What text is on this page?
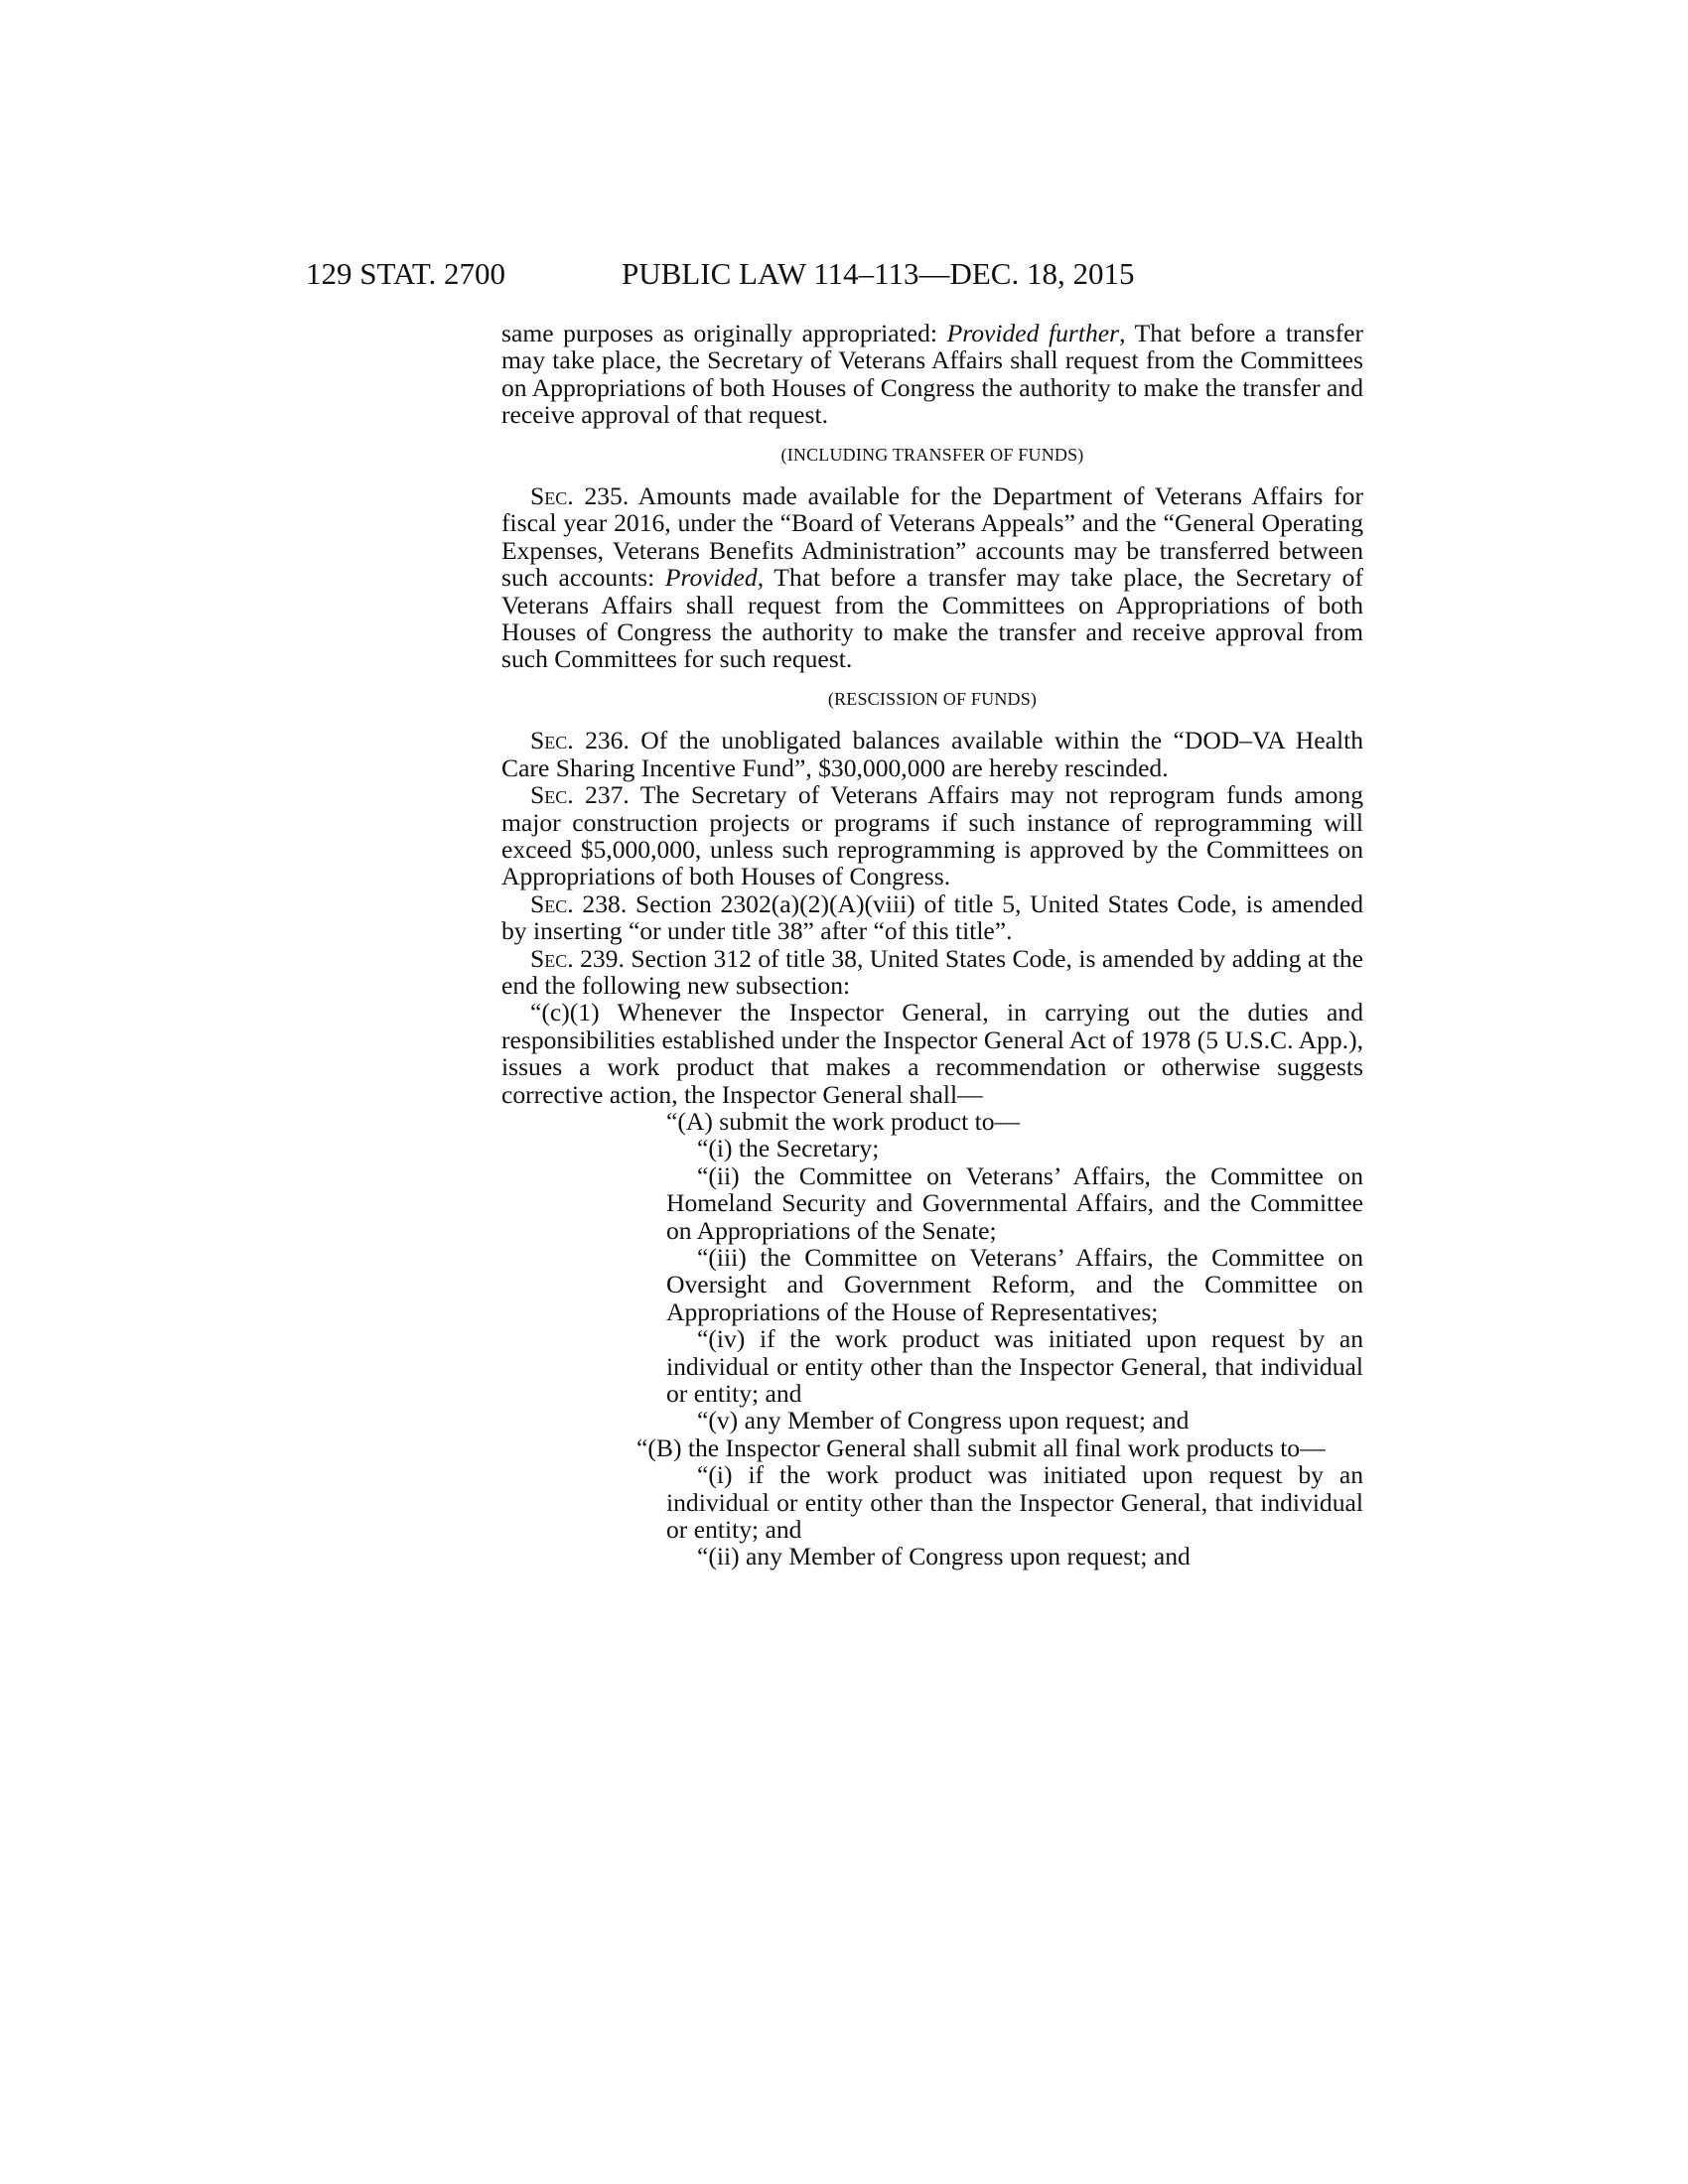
129 STAT. 2700	PUBLIC LAW 114–113—DEC. 18, 2015

same purposes as originally appropriated: Provided further, That before a transfer may take place, the Secretary of Veterans Affairs shall request from the Committees on Appropriations of both Houses of Congress the authority to make the transfer and receive approval of that request.

(INCLUDING TRANSFER OF FUNDS)

Sec. 235. Amounts made available for the Department of Veterans Affairs for fiscal year 2016, under the “Board of Veterans Appeals” and the “General Operating Expenses, Veterans Benefits Administration” accounts may be transferred between such accounts: Provided, That before a transfer may take place, the Secretary of Veterans Affairs shall request from the Committees on Appropriations of both Houses of Congress the authority to make the transfer and receive approval from such Committees for such request.

(RESCISSION OF FUNDS)

Sec. 236. Of the unobligated balances available within the “DOD–VA Health Care Sharing Incentive Fund”, $30,000,000 are hereby rescinded.

Sec. 237. The Secretary of Veterans Affairs may not reprogram funds among major construction projects or programs if such instance of reprogramming will exceed $5,000,000, unless such reprogramming is approved by the Committees on Appropriations of both Houses of Congress.

Sec. 238. Section 2302(a)(2)(A)(viii) of title 5, United States Code, is amended by inserting “or under title 38” after “of this title”.

Sec. 239. Section 312 of title 38, United States Code, is amended by adding at the end the following new subsection:

“(c)(1) Whenever the Inspector General, in carrying out the duties and responsibilities established under the Inspector General Act of 1978 (5 U.S.C. App.), issues a work product that makes a recommendation or otherwise suggests corrective action, the Inspector General shall—

“(A) submit the work product to—

“(i) the Secretary;

“(ii) the Committee on Veterans’ Affairs, the Committee on Homeland Security and Governmental Affairs, and the Committee on Appropriations of the Senate;

“(iii) the Committee on Veterans’ Affairs, the Committee on Oversight and Government Reform, and the Committee on Appropriations of the House of Representatives;

“(iv) if the work product was initiated upon request by an individual or entity other than the Inspector General, that individual or entity; and

“(v) any Member of Congress upon request; and

“(B) the Inspector General shall submit all final work products to—

“(i) if the work product was initiated upon request by an individual or entity other than the Inspector General, that individual or entity; and

“(ii) any Member of Congress upon request; and
